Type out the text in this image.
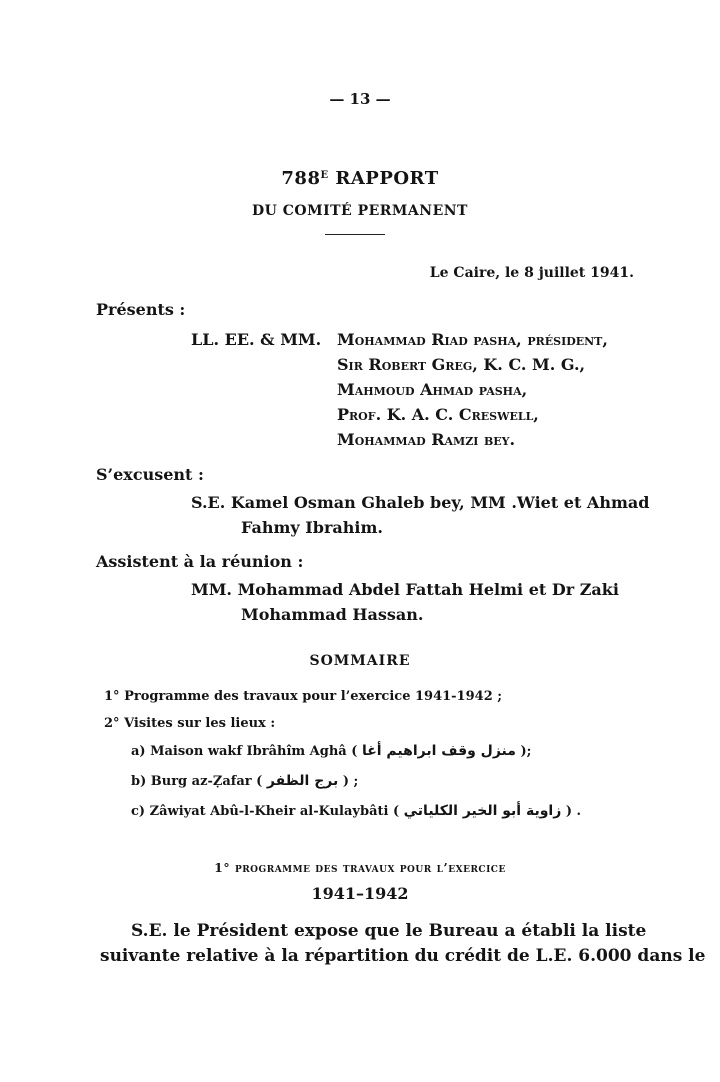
— 13 —
$788^E$ RAPPORT
DU COMITÉ PERMANENT
Le Caire, le 8 juillet 1941.
Présents :
LL. EE. & MM. Mohammad Riad pasha, président,
Sir Robert Greg, K. C. M. G.,
Mahmoud Ahmad pasha,
Prof. K. A. C. Creswell,
Mohammad Ramzi bey.
S’excusent :
S.E. Kamel Osman Ghaleb bey, MM .Wiet et Ahmad
Fahmy Ibrahim.
Assistent à la réunion :
MM. Mohammad Abdel Fattah Helmi et Dr Zaki
Mohammad Hassan.
SOMMAIRE
1° Programme des travaux pour l’exercice 1941-1942 ;
2° Visites sur les lieux :
a) Maison wakf Ibrâhîm Aghâ ( منزل وقف ابراهيم أغا );
b) Burg az-Ẓafar ( برج الظفر ) ;
c) Zâwiyat Abû-l-Kheir al-Kulaybâti ( زاوية أبو الخير الكلياتي ) .
1° programme des travaux pour l’exercice
1941–1942
S.E. le Président expose que le Bureau a établi la liste
suivante relative à la répartition du crédit de L.E. 6.000 dans le
